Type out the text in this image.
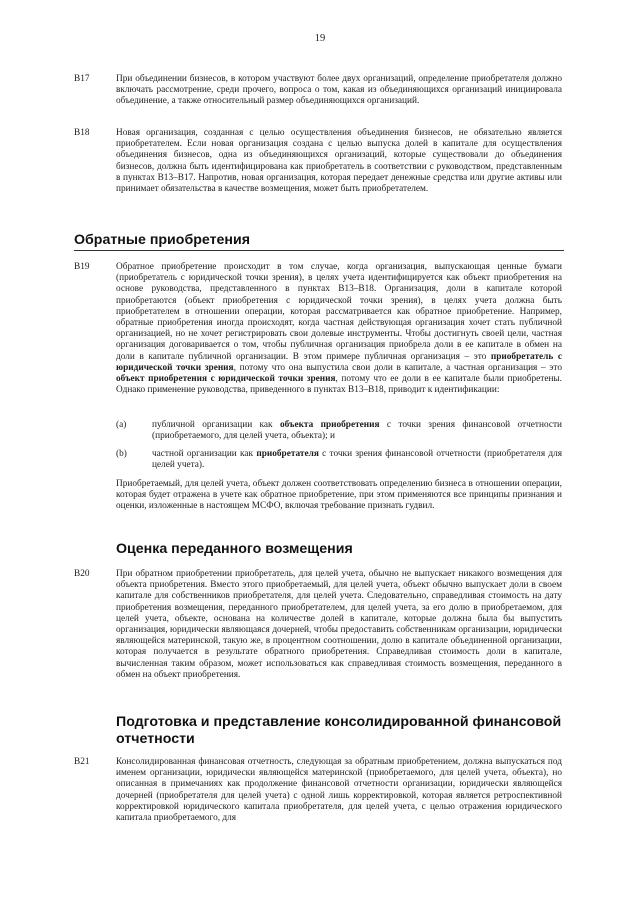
19
B17	При объединении бизнесов, в котором участвуют более двух организаций, определение приобретателя должно включать рассмотрение, среди прочего, вопроса о том, какая из объединяющихся организаций инициировала объединение, а также относительный размер объединяющихся организаций.
B18	Новая организация, созданная с целью осуществления объединения бизнесов, не обязательно является приобретателем. Если новая организация создана с целью выпуска долей в капитале для осуществления объединения бизнесов, одна из объединяющихся организаций, которые существовали до объединения бизнесов, должна быть идентифицирована как приобретатель в соответствии с руководством, представленным в пунктах B13–B17. Напротив, новая организация, которая передает денежные средства или другие активы или принимает обязательства в качестве возмещения, может быть приобретателем.
Обратные приобретения
B19	Обратное приобретение происходит в том случае, когда организация, выпускающая ценные бумаги (приобретатель с юридической точки зрения), в целях учета идентифицируется как объект приобретения на основе руководства, представленного в пунктах B13–B18. Организация, доли в капитале которой приобретаются (объект приобретения с юридической точки зрения), в целях учета должна быть приобретателем в отношении операции, которая рассматривается как обратное приобретение. Например, обратные приобретения иногда происходят, когда частная действующая организация хочет стать публичной организацией, но не хочет регистрировать свои долевые инструменты. Чтобы достигнуть своей цели, частная организация договаривается о том, чтобы публичная организация приобрела доли в ее капитале в обмен на доли в капитале публичной организации. В этом примере публичная организация – это приобретатель с юридической точки зрения, потому что она выпустила свои доли в капитале, а частная организация – это объект приобретения с юридической точки зрения, потому что ее доли в ее капитале были приобретены. Однако применение руководства, приведенного в пунктах B13–B18, приводит к идентификации:
(a)	публичной организации как объекта приобретения с точки зрения финансовой отчетности (приобретаемого, для целей учета, объекта); и
(b)	частной организации как приобретателя с точки зрения финансовой отчетности (приобретателя для целей учета).
Приобретаемый, для целей учета, объект должен соответствовать определению бизнеса в отношении операции, которая будет отражена в учете как обратное приобретение, при этом применяются все принципы признания и оценки, изложенные в настоящем МСФО, включая требование признать гудвил.
Оценка переданного возмещения
B20	При обратном приобретении приобретатель, для целей учета, обычно не выпускает никакого возмещения для объекта приобретения. Вместо этого приобретаемый, для целей учета, объект обычно выпускает доли в своем капитале для собственников приобретателя, для целей учета. Следовательно, справедливая стоимость на дату приобретения возмещения, переданного приобретателем, для целей учета, за его долю в приобретаемом, для целей учета, объекте, основана на количестве долей в капитале, которые должна была бы выпустить организация, юридически являющаяся дочерней, чтобы предоставить собственникам организации, юридически являющейся материнской, такую же, в процентном соотношении, долю в капитале объединенной организации, которая получается в результате обратного приобретения. Справедливая стоимость доли в капитале, вычисленная таким образом, может использоваться как справедливая стоимость возмещения, переданного в обмен на объект приобретения.
Подготовка и представление консолидированной финансовой
отчетности
B21	Консолидированная финансовая отчетность, следующая за обратным приобретением, должна выпускаться под именем организации, юридически являющейся материнской (приобретаемого, для целей учета, объекта), но описанная в примечаниях как продолжение финансовой отчетности организации, юридически являющейся дочерней (приобретателя для целей учета) с одной лишь корректировкой, которая является ретроспективной корректировкой юридического капитала приобретателя, для целей учета, с целью отражения юридического капитала приобретаемого, для
